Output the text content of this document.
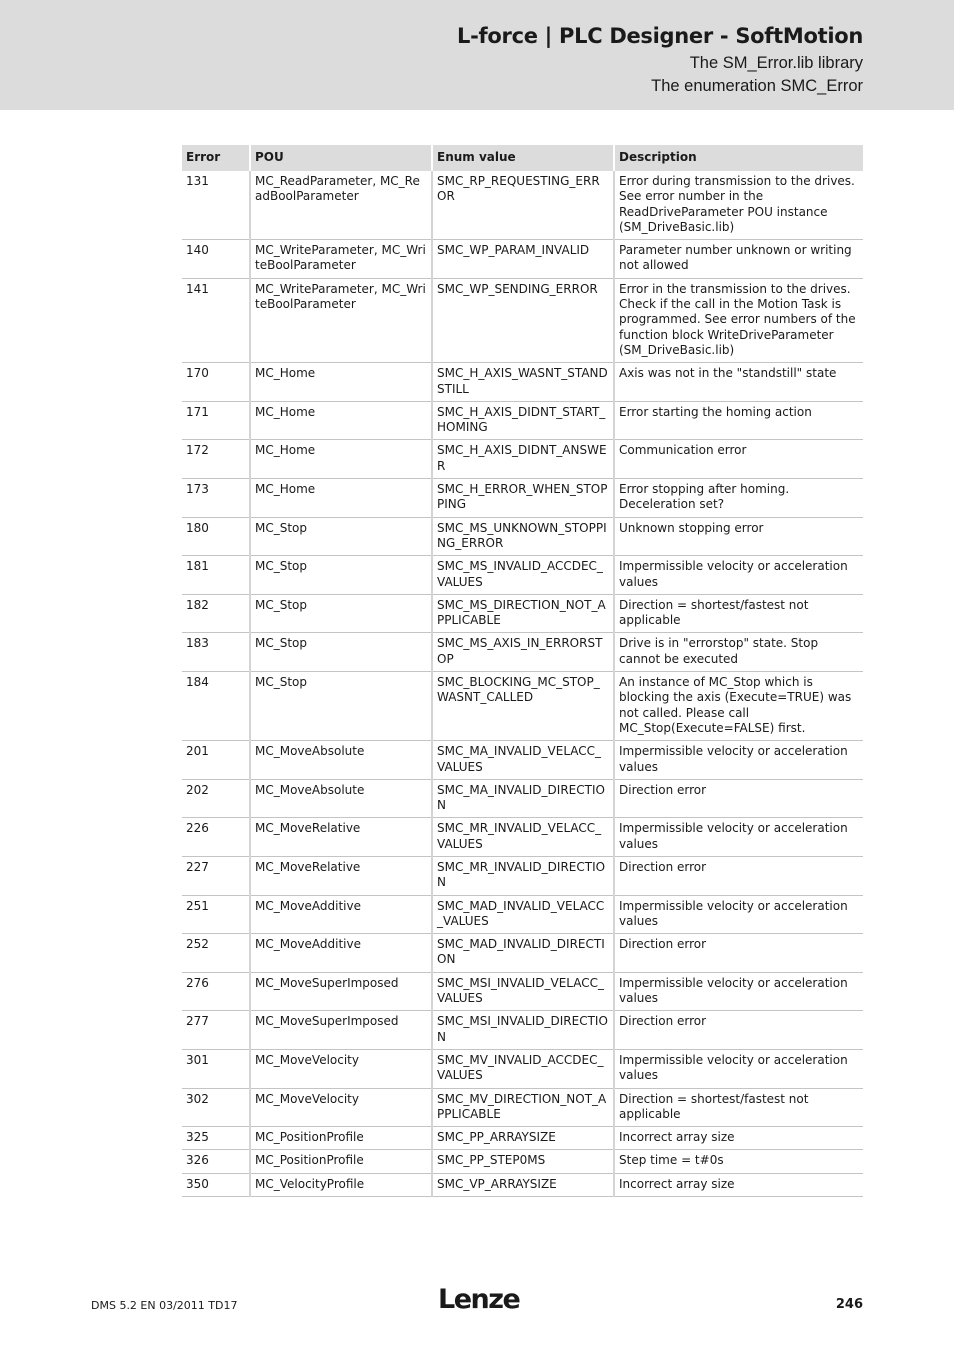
L-force | PLC Designer - SoftMotion
The SM_Error.lib library
The enumeration SMC_Error
Error	POU	Enum value	Description
131	MC_ReadParameter, MC_ReadBoolParameter	SMC_RP_REQUESTING_ERROR	Error during transmission to the drives. See error number in the ReadDriveParameter POU instance (SM_DriveBasic.lib)
140	MC_WriteParameter, MC_WriteBoolParameter	SMC_WP_PARAM_INVALID	Parameter number unknown or writing not allowed
141	MC_WriteParameter, MC_WriteBoolParameter	SMC_WP_SENDING_ERROR	Error in the transmission to the drives. Check if the call in the Motion Task is programmed. See error numbers of the function block WriteDriveParameter (SM_DriveBasic.lib)
170	MC_Home	SMC_H_AXIS_WASNT_STANDSTILL	Axis was not in the "standstill" state
171	MC_Home	SMC_H_AXIS_DIDNT_START_HOMING	Error starting the homing action
172	MC_Home	SMC_H_AXIS_DIDNT_ANSWER	Communication error
173	MC_Home	SMC_H_ERROR_WHEN_STOPPING	Error stopping after homing. Deceleration set?
180	MC_Stop	SMC_MS_UNKNOWN_STOPPING_ERROR	Unknown stopping error
181	MC_Stop	SMC_MS_INVALID_ACCDEC_VALUES	Impermissible velocity or acceleration values
182	MC_Stop	SMC_MS_DIRECTION_NOT_APPLICABLE	Direction = shortest/fastest not applicable
183	MC_Stop	SMC_MS_AXIS_IN_ERRORSTOP	Drive is in "errorstop" state. Stop cannot be executed
184	MC_Stop	SMC_BLOCKING_MC_STOP_WASNT_CALLED	An instance of MC_Stop which is blocking the axis (Execute=TRUE) was not called. Please call MC_Stop(Execute=FALSE) first.
201	MC_MoveAbsolute	SMC_MA_INVALID_VELACC_VALUES	Impermissible velocity or acceleration values
202	MC_MoveAbsolute	SMC_MA_INVALID_DIRECTION	Direction error
226	MC_MoveRelative	SMC_MR_INVALID_VELACC_VALUES	Impermissible velocity or acceleration values
227	MC_MoveRelative	SMC_MR_INVALID_DIRECTION	Direction error
251	MC_MoveAdditive	SMC_MAD_INVALID_VELACC_VALUES	Impermissible velocity or acceleration values
252	MC_MoveAdditive	SMC_MAD_INVALID_DIRECTION	Direction error
276	MC_MoveSuperImposed	SMC_MSI_INVALID_VELACC_VALUES	Impermissible velocity or acceleration values
277	MC_MoveSuperImposed	SMC_MSI_INVALID_DIRECTION	Direction error
301	MC_MoveVelocity	SMC_MV_INVALID_ACCDEC_VALUES	Impermissible velocity or acceleration values
302	MC_MoveVelocity	SMC_MV_DIRECTION_NOT_APPLICABLE	Direction = shortest/fastest not applicable
325	MC_PositionProfile	SMC_PP_ARRAYSIZE	Incorrect array size
326	MC_PositionProfile	SMC_PP_STEP0MS	Step time = t#0s
350	MC_VelocityProfile	SMC_VP_ARRAYSIZE	Incorrect array size
DMS 5.2 EN 03/2011 TD17	Lenze	246
